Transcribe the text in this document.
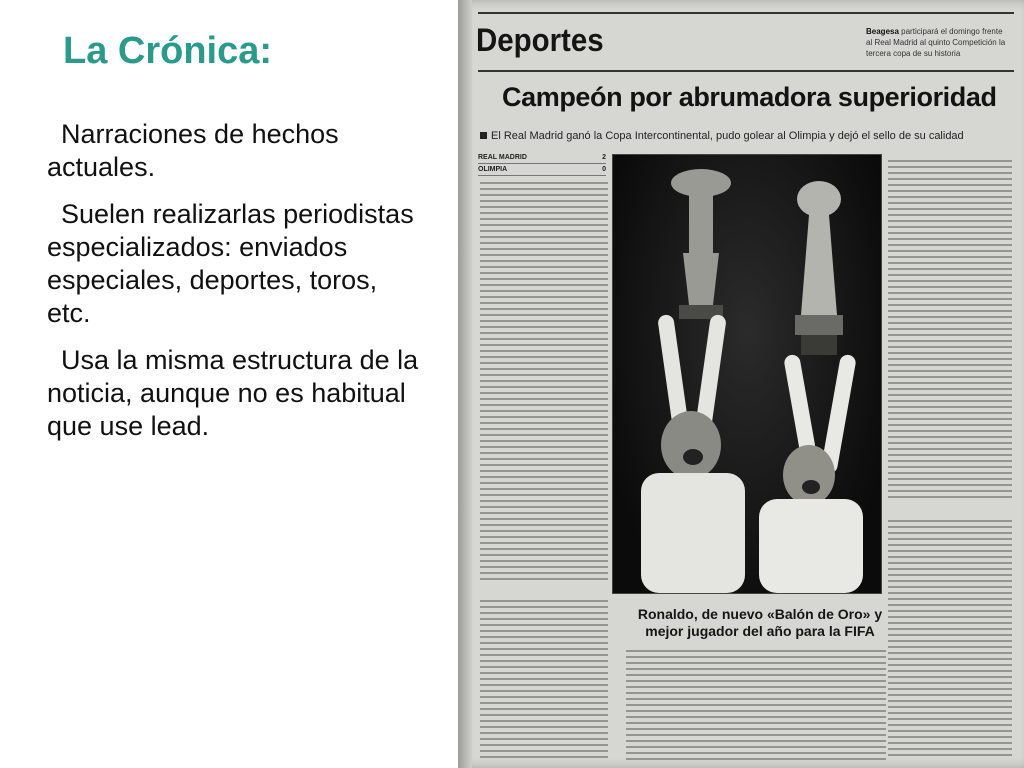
La Crónica:
Narraciones de hechos actuales.
Suelen realizarlas periodistas especializados: enviados especiales, deportes, toros, etc.
Usa la misma estructura de la noticia, aunque no es habitual que use lead.
Deportes	Beagesa participará el domingo frente al Real Madrid al quinto Competición la tercera copa de su historia
Campeón por abrumadora superioridad
El Real Madrid ganó la Copa Intercontinental, pudo golear al Olimpia y dejó el sello de su calidad
REAL MADRID	2
OLIMPIA	0
Ronaldo, de nuevo «Balón de Oro» y mejor jugador del año para la FIFA
